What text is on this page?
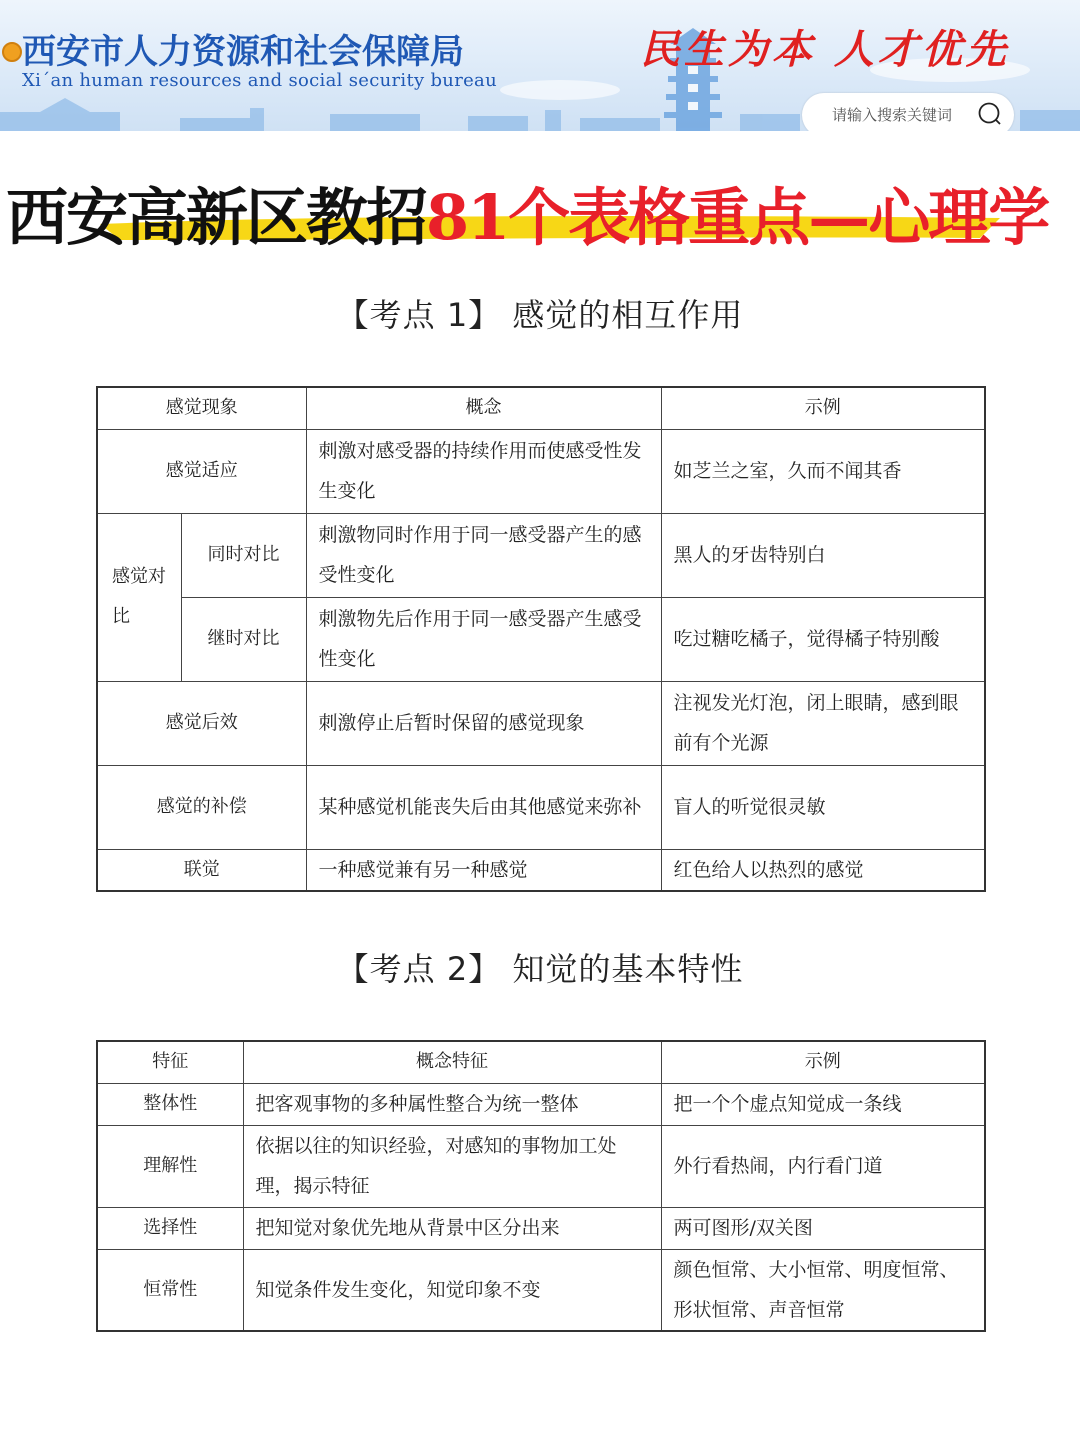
西安市人力资源和社会保障局
Xi´an human resources and social security bureau
民生为本 人才优先
请输入搜索关键词
西安高新区教招81个表格重点—心理学
【考点 1】 感觉的相互作用
感觉现象		概念	示例
感觉适应		刺激对感受器的持续作用而使感受性发生变化	如芝兰之室，久而不闻其香
感觉对比	同时对比	刺激物同时作用于同一感受器产生的感受性变化	黑人的牙齿特别白
	继时对比	刺激物先后作用于同一感受器产生感受性变化	吃过糖吃橘子，觉得橘子特别酸
感觉后效		刺激停止后暂时保留的感觉现象	注视发光灯泡，闭上眼睛，感到眼前有个光源
感觉的补偿		某种感觉机能丧失后由其他感觉来弥补	盲人的听觉很灵敏
联觉		一种感觉兼有另一种感觉	红色给人以热烈的感觉
【考点 2】 知觉的基本特性
特征	概念特征	示例
整体性	把客观事物的多种属性整合为统一整体	把一个个虚点知觉成一条线
理解性	依据以往的知识经验，对感知的事物加工处理，揭示特征	外行看热闹，内行看门道
选择性	把知觉对象优先地从背景中区分出来	两可图形/双关图
恒常性	知觉条件发生变化，知觉印象不变	颜色恒常、大小恒常、明度恒常、形状恒常、声音恒常
